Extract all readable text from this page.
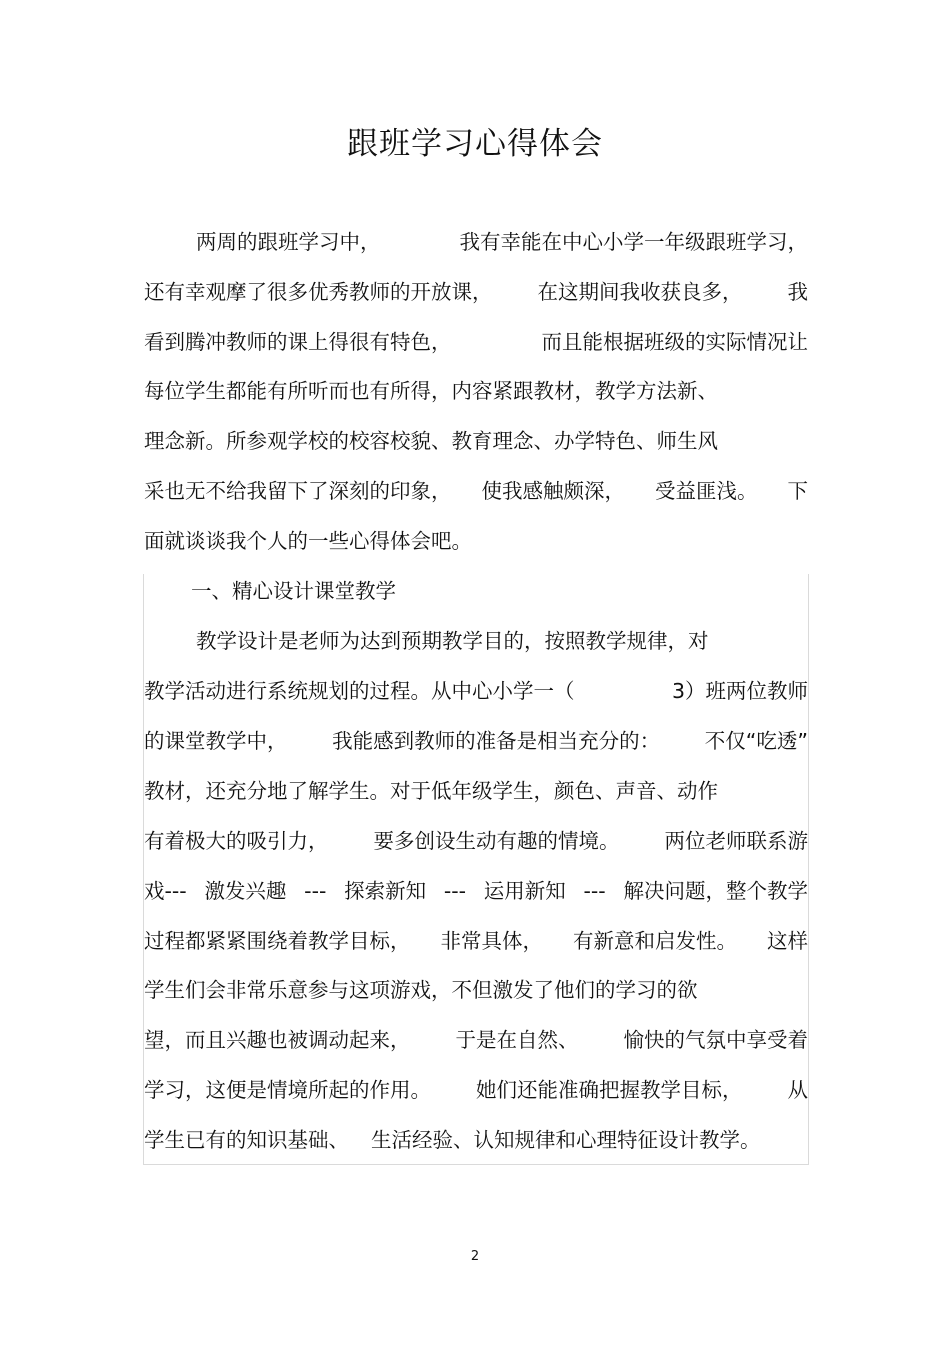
跟班学习心得体会
两周的跟班学习中，	我有幸能在中心小学一年级跟班学习，
还有幸观摩了很多优秀教师的开放课， 在这期间我收获良多， 我
看到腾冲教师的课上得很有特色，	而且能根据班级的实际情况让
每位学生都能有所听而也有所得，内容紧跟教材，教学方法新、
理念新。所参观学校的校容校貌、教育理念、办学特色、师生风
采也无不给我留下了深刻的印象， 使我感触颇深， 受益匪浅。 下
面就谈谈我个人的一些心得体会吧。
一、精心设计课堂教学
教学设计是老师为达到预期教学目的，按照教学规律，对
教学活动进行系统规划的过程。从中心小学一（	3）班两位教师
的课堂教学中， 我能感到教师的准备是相当充分的： 不仅“吃透”
教材，还充分地了解学生。对于低年级学生，颜色、声音、动作
有着极大的吸引力， 要多创设生动有趣的情境。 两位老师联系游
戏--- 激发兴趣 --- 探索新知 --- 运用新知 --- 解决问题，整个教学
过程都紧紧围绕着教学目标， 非常具体， 有新意和启发性。 这样
学生们会非常乐意参与这项游戏，不但激发了他们的学习的欲
望，而且兴趣也被调动起来， 于是在自然、 愉快的气氛中享受着
学习，这便是情境所起的作用。 她们还能准确把握教学目标， 从
学生已有的知识基础、 生活经验、认知规律和心理特征设计教学。
2
